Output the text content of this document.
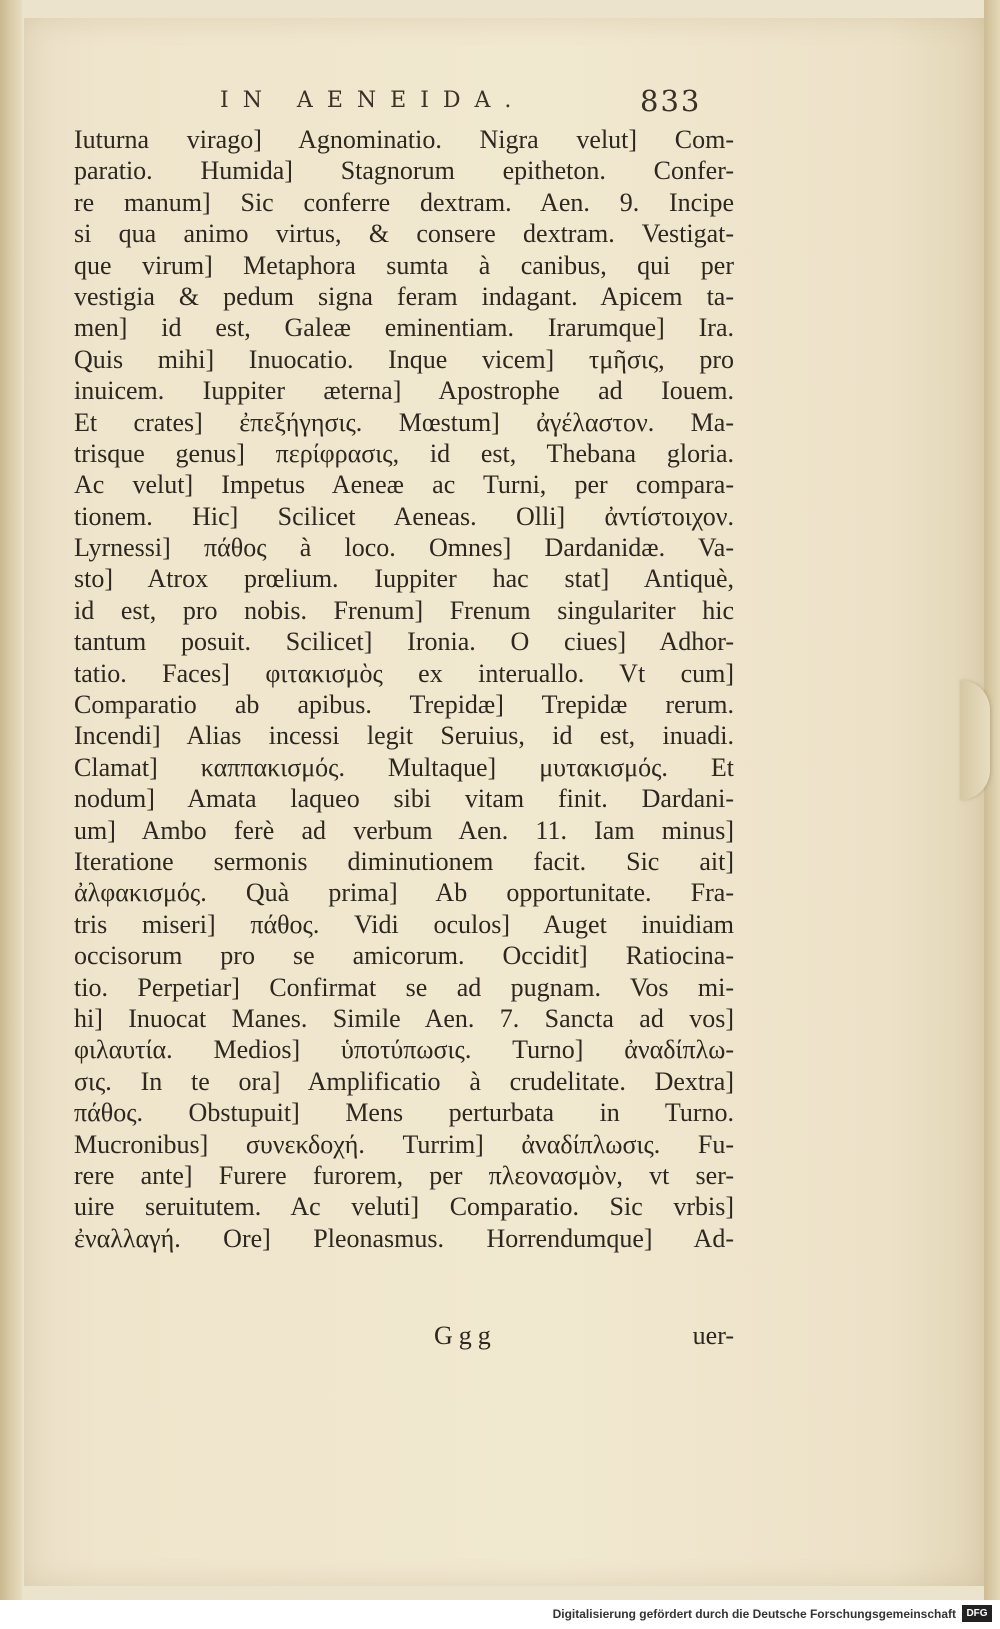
IN AENEIDA.	833
Iuturna virago] Agnominatio. Nigra velut] Com-
paratio. Humida] Stagnorum epitheton. Confer-
re manum] Sic conferre dextram. Aen. 9. Incipe
si qua animo virtus, & consere dextram. Vestigat-
que virum] Metaphora sumta à canibus, qui per
vestigia & pedum signa feram indagant. Apicem ta-
men] id est, Galeæ eminentiam. Irarumque] Ira.
Quis mihi] Inuocatio. Inque vicem] τμῆσις, pro
inuicem. Iuppiter æterna] Apostrophe ad Iouem.
Et crates] ἐπεξήγησις. Mœstum] ἀγέλαστον. Ma-
trisque genus] περίφρασις, id est, Thebana gloria.
Ac velut] Impetus Aeneæ ac Turni, per compara-
tionem. Hic] Scilicet Aeneas. Olli] ἀντίστοιχον.
Lyrnessi] πάθος à loco. Omnes] Dardanidæ. Va-
sto] Atrox prœlium. Iuppiter hac stat] Antiquè,
id est, pro nobis. Frenum] Frenum singulariter hic
tantum posuit. Scilicet] Ironia. O ciues] Adhor-
tatio. Faces] φιτακισμὸς ex interuallo. Vt cum]
Comparatio ab apibus. Trepidæ] Trepidæ rerum.
Incendi] Alias incessi legit Seruius, id est, inuadi.
Clamat] καππακισμός. Multaque] μυτακισμός. Et
nodum] Amata laqueo sibi vitam finit. Dardani-
um] Ambo ferè ad verbum Aen. 11. Iam minus]
Iteratione sermonis diminutionem facit. Sic ait]
ἀλφακισμός. Quà prima] Ab opportunitate. Fra-
tris miseri] πάθος. Vidi oculos] Auget inuidiam
occisorum pro se amicorum. Occidit] Ratiocina-
tio. Perpetiar] Confirmat se ad pugnam. Vos mi-
hi] Inuocat Manes. Simile Aen. 7. Sancta ad vos]
φιλαυτία. Medios] ὑποτύπωσις. Turno] ἀναδίπλω-
σις. In te ora] Amplificatio à crudelitate. Dextra]
πάθος. Obstupuit] Mens perturbata in Turno.
Mucronibus] συνεκδοχή. Turrim] ἀναδίπλωσις. Fu-
rere ante] Furere furorem, per πλεονασμὸν, vt ser-
uire seruitutem. Ac veluti] Comparatio. Sic vrbis]
ἐναλλαγή. Ore] Pleonasmus. Horrendumque] Ad-
Ggg	uer-
Digitalisierung gefördert durch die Deutsche Forschungsgemeinschaft	DFG
